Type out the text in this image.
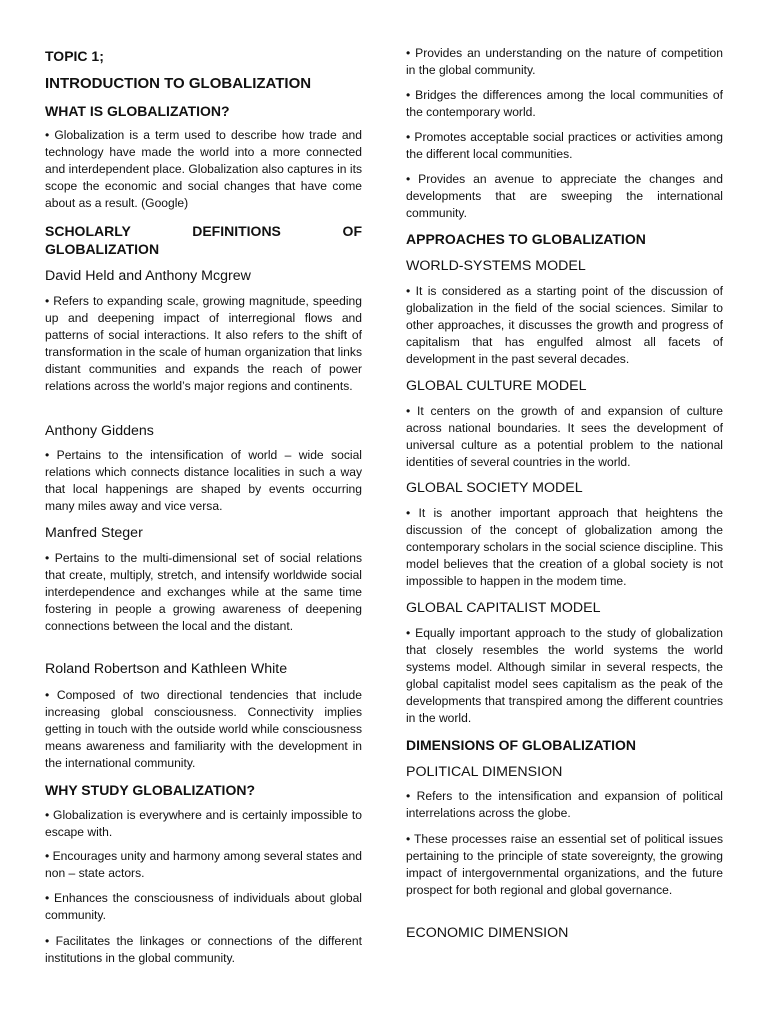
TOPIC 1;
INTRODUCTION TO GLOBALIZATION
WHAT IS GLOBALIZATION?

• Globalization is a term used to describe how trade and technology have made the world into a more connected and interdependent place. Globalization also captures in its scope the economic and social changes that have come about as a result. (Google)

SCHOLARLY DEFINITIONS OF
GLOBALIZATION
David Held and Anthony Mcgrew

• Refers to expanding scale, growing magnitude, speeding up and deepening impact of interregional flows and patterns of social interactions. It also refers to the shift of transformation in the scale of human organization that links distant communities and expands the reach of power relations across the world’s major regions and continents.

Anthony Giddens

• Pertains to the intensification of world – wide social relations which connects distance localities in such a way that local happenings are shaped by events occurring many miles away and vice versa.

Manfred Steger

• Pertains to the multi-dimensional set of social relations that create, multiply, stretch, and intensify worldwide social interdependence and exchanges while at the same time fostering in people a growing awareness of deepening connections between the local and the distant.

Roland Robertson and Kathleen White

• Composed of two directional tendencies that include increasing global consciousness. Connectivity implies getting in touch with the outside world while consciousness means awareness and familiarity with the development in the international community.

WHY STUDY GLOBALIZATION?

• Globalization is everywhere and is certainly impossible to escape with.

• Encourages unity and harmony among several states and non – state actors.

• Enhances the consciousness of individuals about global community.

• Facilitates the linkages or connections of the different institutions in the global community.

• Provides an understanding on the nature of competition in the global community.

• Bridges the differences among the local communities of the contemporary world.

• Promotes acceptable social practices or activities among the different local communities.

• Provides an avenue to appreciate the changes and developments that are sweeping the international community.

APPROACHES TO GLOBALIZATION
WORLD-SYSTEMS MODEL

• It is considered as a starting point of the discussion of globalization in the field of the social sciences. Similar to other approaches, it discusses the growth and progress of capitalism that has engulfed almost all facets of development in the past several decades.

GLOBAL CULTURE MODEL

• It centers on the growth of and expansion of culture across national boundaries. It sees the development of universal culture as a potential problem to the national identities of several countries in the world.

GLOBAL SOCIETY MODEL

• It is another important approach that heightens the discussion of the concept of globalization among the contemporary scholars in the social science discipline. This model believes that the creation of a global society is not impossible to happen in the modem time.

GLOBAL CAPITALIST MODEL

• Equally important approach to the study of globalization that closely resembles the world systems the world systems model. Although similar in several respects, the global capitalist model sees capitalism as the peak of the developments that transpired among the different countries in the world.

DIMENSIONS OF GLOBALIZATION
POLITICAL DIMENSION

• Refers to the intensification and expansion of political interrelations across the globe.

• These processes raise an essential set of political issues pertaining to the principle of state sovereignty, the growing impact of intergovernmental organizations, and the future prospect for both regional and global governance.

ECONOMIC DIMENSION
